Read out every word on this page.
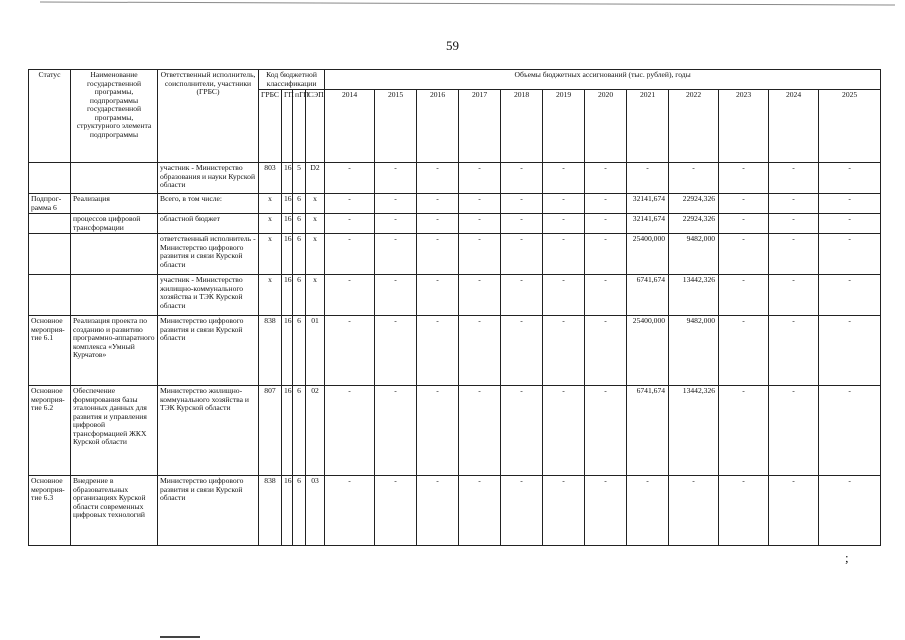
59
Статус	Наименование государственной программы, подпрограммы государственной программы, структурного элемента подпрограммы	Ответственный исполнитель, соисполнители, участники (ГРБС)	Код бюджетной классификации				Объемы бюджетных ассигнований (тыс. рублей), годы											
			ГРБС	ГП	пГП	СЭП	2014	2015	2016	2017	2018	2019	2020	2021	2022	2023	2024	2025
		участник - Министерство образования и науки Курской области	803	16	5	D2	-	-	-	-	-	-	-	-	-	-	-	-
Подпрог-рамма 6	Реализация	Всего, в том числе:	x	16	6	x	-	-	-	-	-	-	-	32141,674	22924,326	-	-	-
	процессов цифровой трансформации	областной бюджет	x	16	6	x	-	-	-	-	-	-	-	32141,674	22924,326	-	-	-
		ответственный исполнитель - Министерство цифрового развития и связи Курской области	x	16	6	x	-	-	-	-	-	-	-	25400,000	9482,000	-	-	-
		участник - Министерство жилищно-коммунального хозяйства и ТЭК Курской области	x	16	6	x	-	-	-	-	-	-	-	6741,674	13442,326	-	-	-
Основное мероприя-тие 6.1	Реализация проекта по созданию и развитию программно-аппаратного комплекса «Умный Курчатов»	Министерство цифрового развития и связи Курской области	838	16	6	01	-	-	-	-	-	-	-	25400,000	9482,000	-	-	-
Основное мероприя-тие 6.2	Обеспечение формирования базы эталонных данных для развития и управления цифровой трансформацией ЖКХ Курской области	Министерство жилищно-коммунального хозяйства и ТЭК Курской области	807	16	6	02	-	-	-	-	-	-	-	6741,674	13442,326	-	-	-
Основное мероприя-тие 6.3	Внедрение в образовательных организациях Курской области современных цифровых технологий	Министерство цифрового развития и связи Курской области	838	16	6	03	-	-	-	-	-	-	-	-	-	-	-	-
;
